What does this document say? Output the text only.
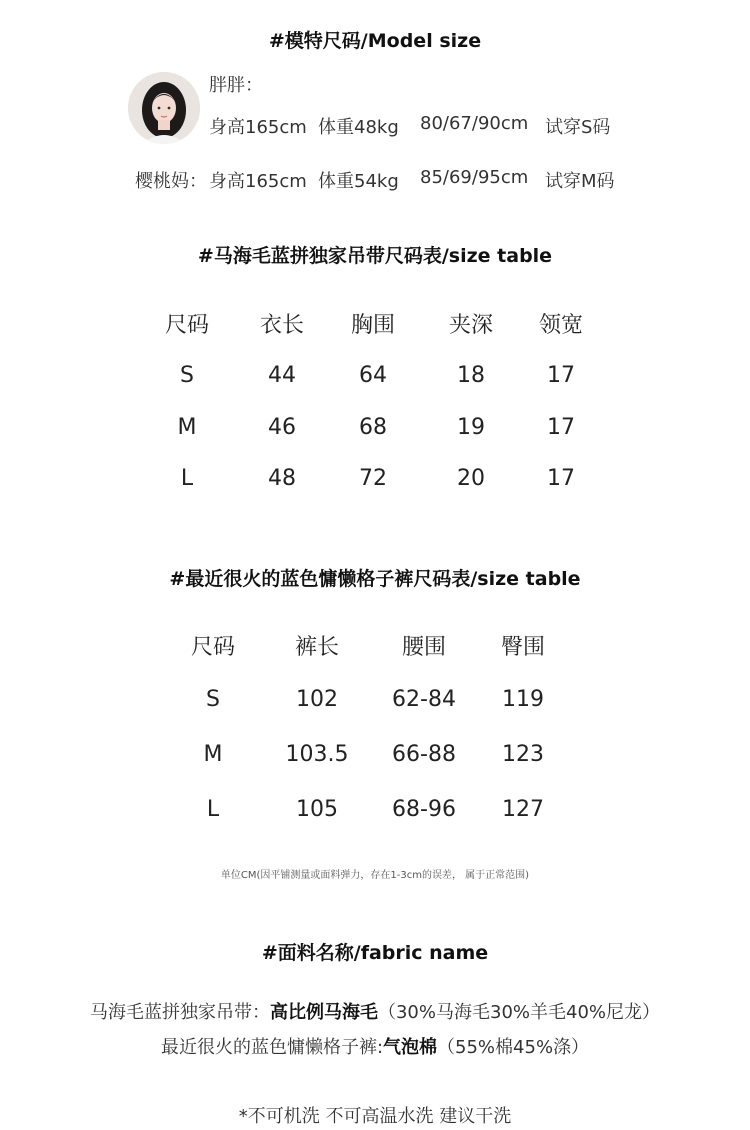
#模特尺码/Model size
胖胖：
身高165cm 体重48kg 80/67/90cm 试穿S码
樱桃妈： 身高165cm 体重54kg 85/69/95cm 试穿M码
#马海毛蓝拼独家吊带尺码表/size table
尺码 衣长 胸围 夹深 领宽
S	44	64	18	17
M	46	68	19	17
L	48	72	20	17
#最近很火的蓝色慵懒格子裤尺码表/size table
尺码	裤长	腰围 臀围
S	102 62-84 119
M	103.5 66-88 123
L	105 68-96 127
单位CM(因平铺测量或面料弹力，存在1-3cm的误差， 属于正常范围)
#面料名称/fabric name
马海毛蓝拼独家吊带：高比例马海毛（30%马海毛30%羊毛40%尼龙）
最近很火的蓝色慵懒格子裤:气泡棉（55%棉45%涤）
*不可机洗 不可高温水洗 建议干洗
